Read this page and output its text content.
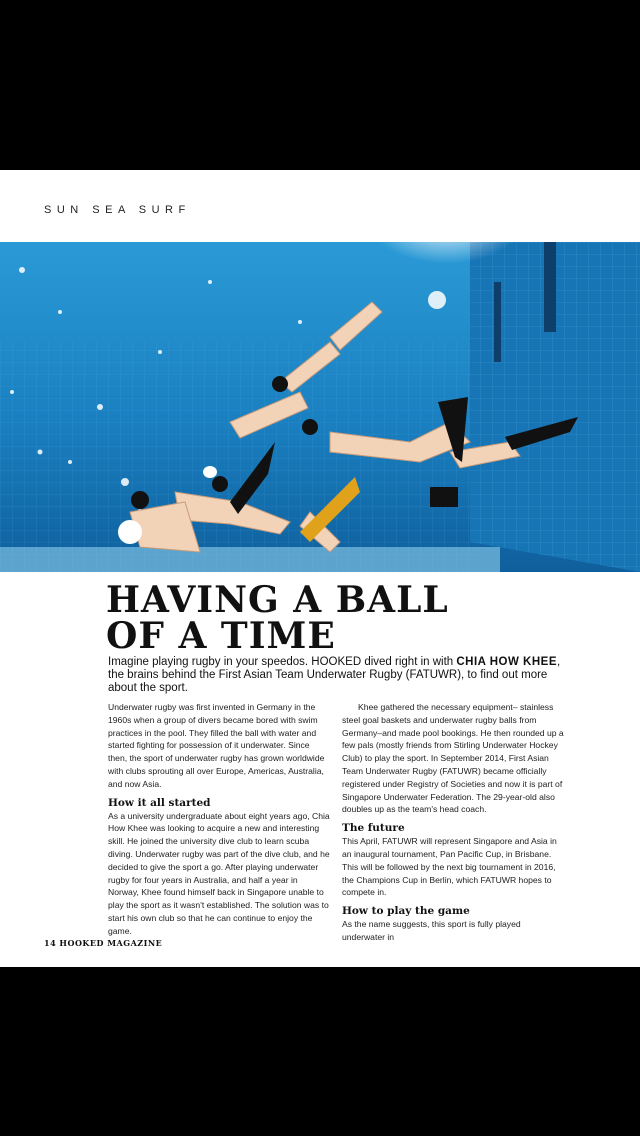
SUN SEA SURF
HAVING A BALL
OF A TIME
Imagine playing rugby in your speedos. HOOKED dived right in with CHIA HOW KHEE, the brains behind the First Asian Team Underwater Rugby (FATUWR), to find out more about the sport.

Underwater rugby was first invented in Germany in the 1960s when a group of divers became bored with swim practices in the pool. They filled the ball with water and started fighting for possession of it underwater. Since then, the sport of underwater rugby has grown worldwide with clubs sprouting all over Europe, Americas, Australia, and now Asia.

How it all started

As a university undergraduate about eight years ago, Chia How Khee was looking to acquire a new and interesting skill. He joined the university dive club to learn scuba diving. Underwater rugby was part of the dive club, and he decided to give the sport a go. After playing underwater rugby for four years in Australia, and half a year in Norway, Khee found himself back in Singapore unable to play the sport as it wasn't established. The solution was to start his own club so that he can continue to enjoy the game.

Khee gathered the necessary equipment– stainless steel goal baskets and underwater rugby balls from Germany–and made pool bookings. He then rounded up a few pals (mostly friends from Stirling Underwater Hockey Club) to play the sport. In September 2014, First Asian Team Underwater Rugby (FATUWR) became officially registered under Registry of Societies and now it is part of Singapore Underwater Federation. The 29-year-old also doubles up as the team's head coach.

The future

This April, FATUWR will represent Singapore and Asia in an inaugural tournament, Pan Pacific Cup, in Brisbane. This will be followed by the next big tournament in 2016, the Champions Cup in Berlin, which FATUWR hopes to compete in.

How to play the game

As the name suggests, this sport is fully played underwater in

14 HOOKED MAGAZINE
